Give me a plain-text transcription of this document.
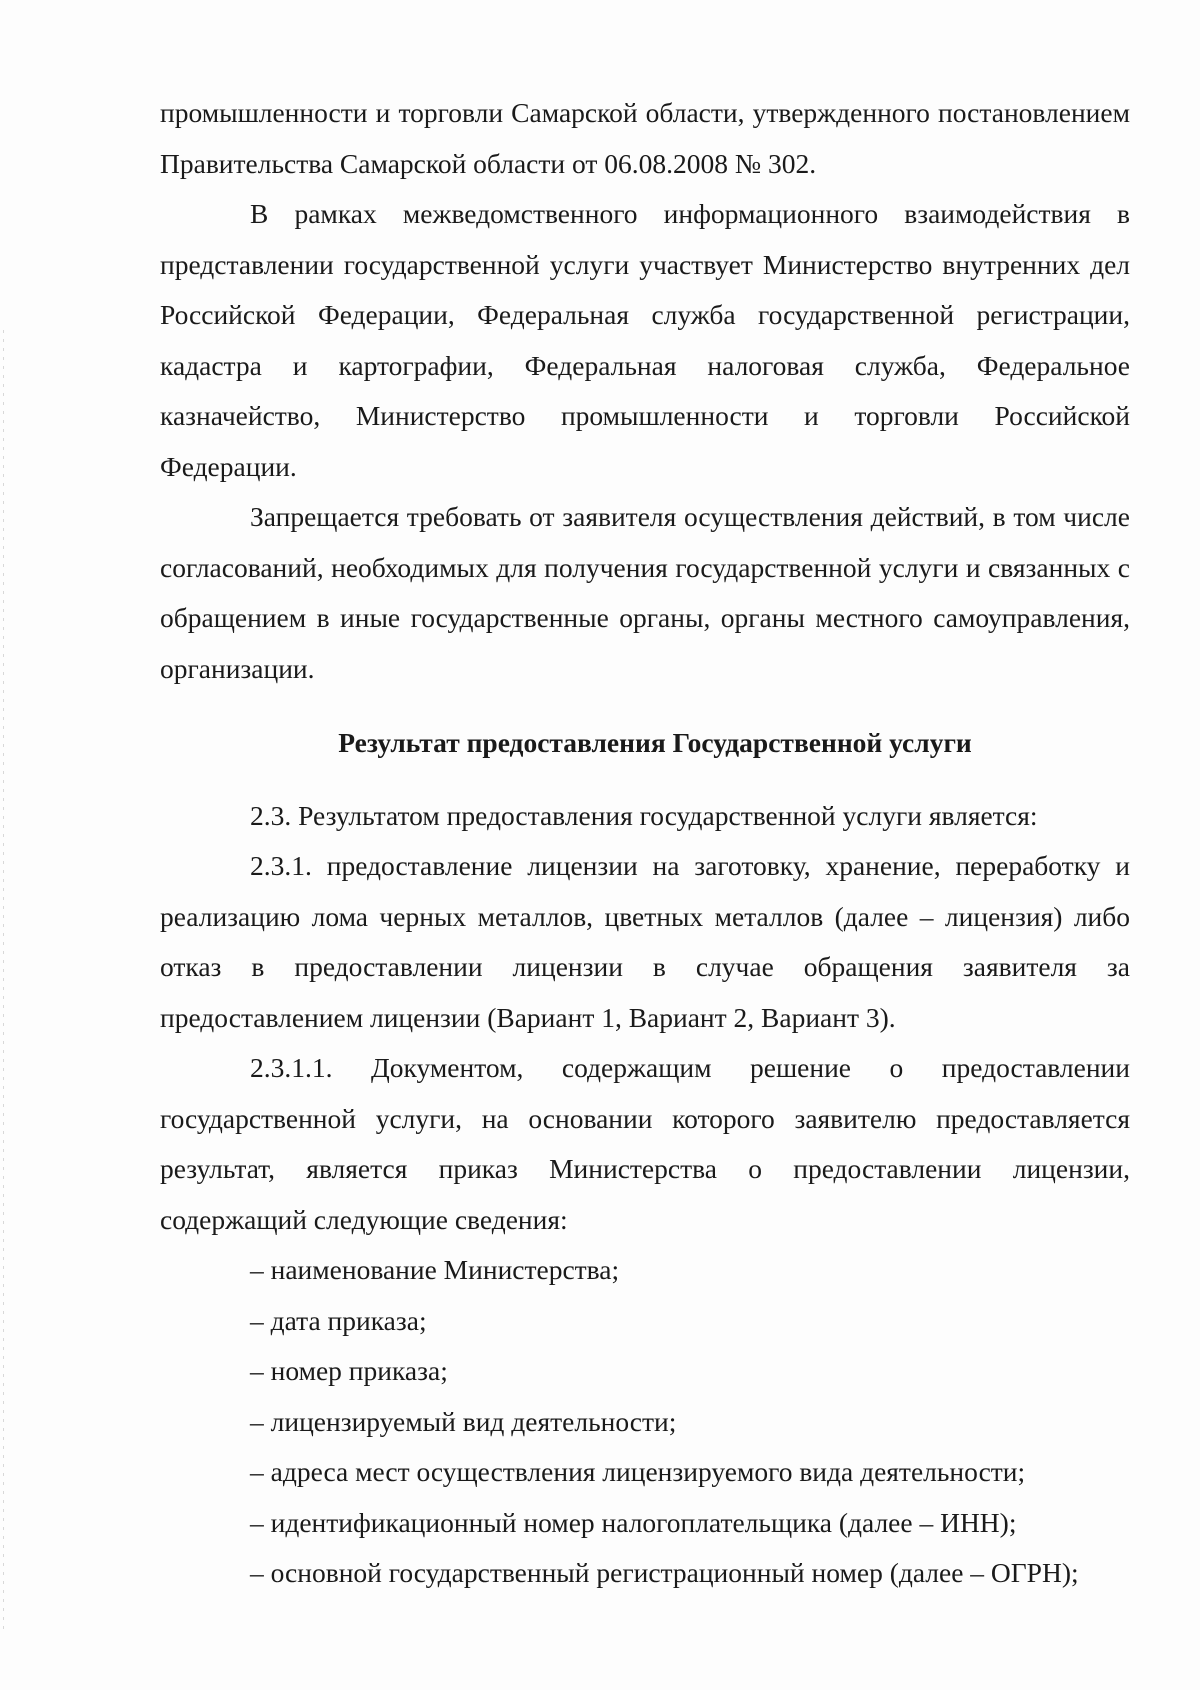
промышленности и торговли Самарской области, утвержденного постановлением Правительства Самарской области от 06.08.2008 № 302.

В рамках межведомственного информационного взаимодействия в представлении государственной услуги участвует Министерство внутренних дел Российской Федерации, Федеральная служба государственной регистрации, кадастра и картографии, Федеральная налоговая служба, Федеральное казначейство, Министерство промышленности и торговли Российской Федерации.

Запрещается требовать от заявителя осуществления действий, в том числе согласований, необходимых для получения государственной услуги и связанных с обращением в иные государственные органы, органы местного самоуправления, организации.

Результат предоставления Государственной услуги

2.3. Результатом предоставления государственной услуги является:

2.3.1. предоставление лицензии на заготовку, хранение, переработку и реализацию лома черных металлов, цветных металлов (далее – лицензия) либо отказ в предоставлении лицензии в случае обращения заявителя за предоставлением лицензии (Вариант 1, Вариант 2, Вариант 3).

2.3.1.1. Документом, содержащим решение о предоставлении государственной услуги, на основании которого заявителю предоставляется результат, является приказ Министерства о предоставлении лицензии, содержащий следующие сведения:

– наименование Министерства;

– дата приказа;

– номер приказа;

– лицензируемый вид деятельности;

– адреса мест осуществления лицензируемого вида деятельности;

– идентификационный номер налогоплательщика (далее – ИНН);

– основной государственный регистрационный номер (далее – ОГРН);
